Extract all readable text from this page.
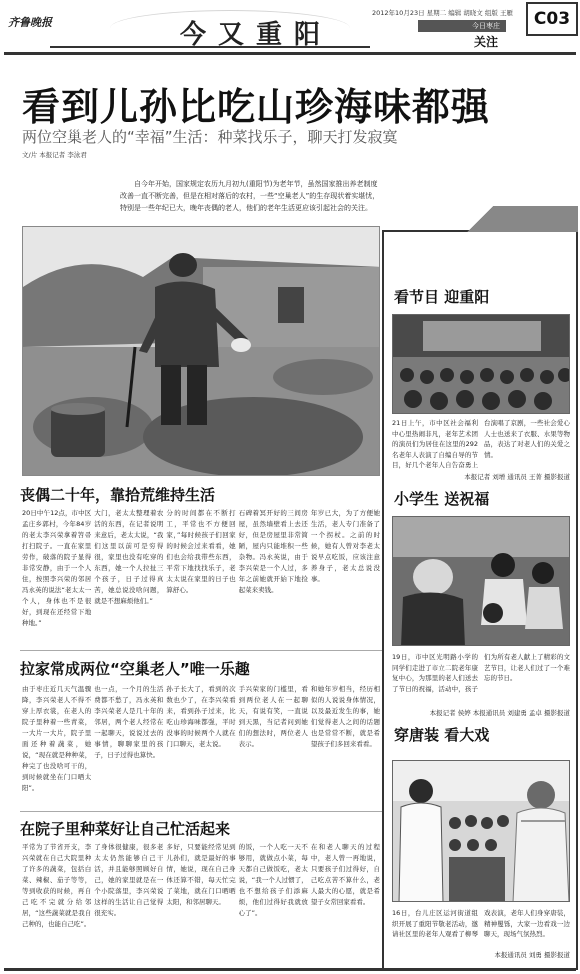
齐鲁晚报	今又重阳
2012年10月23日 星期二 编辑 胡晓文 组版 王雁
今日枣庄
关注
C03
看到儿孙比吃山珍海味都强
两位空巢老人的“幸福”生活：种菜找乐子，聊天打发寂寞
文/片 本报记者 李泳君
自今年开始，国家规定农历九月初九(重阳节)为老年节，虽然国家推出养老制度改善一直不断完善，但是在相对落后的农村，一些“空巢老人”的生存现状着实堪忧，特别是一些年纪已大，晚年丧偶的老人，他们的老年生活更应该引起社会的关注。
丧偶二十年，靠拾荒维持生活
20日中午12点，市中区孟庄乡郭村，今年84岁的老太李兴荣拿着笤帚打扫院子。一直在家里劳作，破落的院子显得非常安静，由于一个人住，按照李兴荣的邻居冯永英的说法“老太太一个人，身体也不是很好，到现在还经常下地种地。”
大门，老太太整理着农活的东西，在记者说明来意后，老太太说，“我们这里以前可是穷得很，家里也没有吃穿的东西，她一个人拉扯三个孩子，日子过得真苦，她总说没啥问题，就是不想麻烦他们。”
分的时间都在不断打工，平常也不方便回家，”每时候孩子们回家的时候会过来看看，她们也会给我带些东西，平常下地找找乐子，老太太说在家里的日子也算舒心。
石碑着冥开好的三间房屋，虽然墙壁看上去还好，但是房屋里非常简陋，屋内只能堆积一些杂物。冯永英说，由于李兴荣是一个人过，多年之前她就开始下地捡起菜来卖钱。
年岁已大，为了方便她生活，老人专门准备了一个拐杖。之前的时候，她有人曾对李老太说早点吃饭，应该注意养身子，老太总说没事。
拉家常成两位“空巢老人”唯一乐趣
由于枣庄近几天气温骤降，李兴荣老人不得不穿上厚衣裳，在老人的院子里种着一些青菜，一大片一大片，院子里面还种着蔬菜，她说，“现在就是种种菜，种完了也没啥可干的，到时候就坐在门口晒太阳”。
也一点，一个月的生活费都不愁了，冯永英和李兴荣老人是几十年的邻居，两个老人经常在一起聊天，说说过去的事情，聊聊家里的孩子，日子过得也算快。
孙子长大了，看到的次数也少了，在李兴荣看来，看到孙子过来，比吃山珍海味都强，平时没事的时候两个人就在门口聊天，老太说。
手兴荣家的门槛里，看到两位老人在一起聊天，有说有笑，一直说到天黑，当记者问到她们的想法时，两位老人表示。
和她年岁相当，经历相似的人说说身体情况，以及最近发生的事，她们觉得老人之间的话题也是常常不断，就是希望孩子们多回来看看。
在院子里种菜好让自己忙活起来
平常为了节省开支，李兴荣就在自己大院里种了许多的蔬菜，包括白菜、辣椒、茄子等等，等到收获的时候，再自己吃不完就分给邻居，“这些蔬菜就是我自己种的，也能自己吃”。
了身体很健康，很多老太太仍然能够自己干活，并且能够照顾好自己，她的家里就是在一个小院落里，李兴荣说这样的生活让自己觉得很充实。
多好，只要能经常见到儿孙们，就是最好的事情，她说，现在自己身体还算不错，每天忙完了菜地，就在门口晒晒太阳，和邻居聊天。
的饭，一个人吃一天不够用，就做点小菜，每天都自己做饭吃，老太说，“我一个人过惯了，也不想给孩子们添麻烦，他们过得好我就放心了”。
在和老人聊天的过程中，老人曾一再地说，只要孩子们过得好，自己吃点苦不算什么，老人最大的心愿，就是希望子女常回家看看。
看节目 迎重阳
21日上午，市中区社会福利中心里热闹非凡，老年艺术团的演员们为居住在这里的292名老年人表演了自编自导的节目，好几个老年人自告奋勇上台演唱了京剧，一些社会爱心人士也送来了衣服、水果等物品，表达了对老人们的关爱之情。
本报记者 刘增 通讯员 王菁 摄影报道
小学生 送祝福
19日，市中区光明路小学的同学们走进了市立二院老年康复中心，为那里的老人们送去了节日的祝福，活动中，孩子们为所有老人献上了精彩的文艺节目，让老人们过了一个难忘的节日。
本报记者 侯婷 本报通讯员 刘建勇 孟卓 摄影报道
穿唐装 看大戏
16日，台儿庄区运河街道组织开展了重阳节敬老活动，邀请社区里的老年人观看了柳琴戏表演，老年人们身穿唐装，精神矍铄，大家一边看戏一边聊天，现场气氛热烈。
本报通讯员 刘勇 摄影报道
